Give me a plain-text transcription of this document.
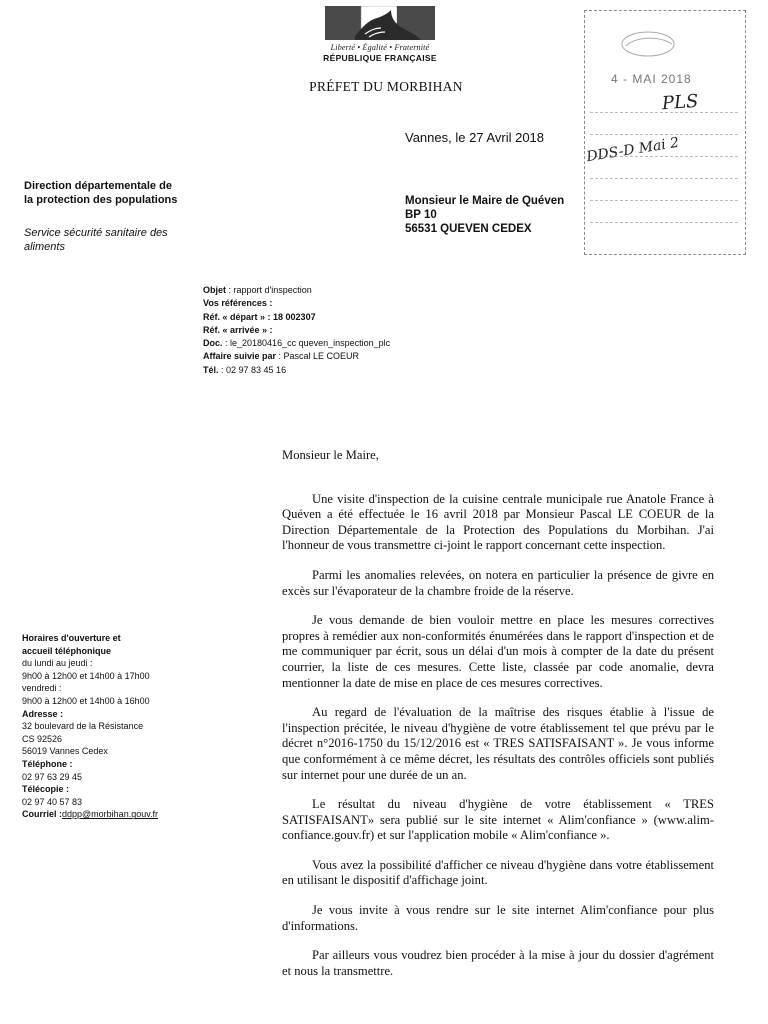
Liberté • Égalité • Fraternité
RÉPUBLIQUE FRANÇAISE
PRÉFET DU MORBIHAN	4 - MAI 2018
PLS
DDS-D Mai 2
Vannes, le 27 Avril 2018
Direction départementale de
la protection des populations
Service sécurité sanitaire des
aliments
Monsieur le Maire de Quéven
BP 10
56531 QUEVEN CEDEX
Objet : rapport d'inspection
Vos références :
Réf. « départ » : 18 002307
Réf. « arrivée » :
Doc. : le_20180416_cc queven_inspection_plc
Affaire suivie par : Pascal LE COEUR
Tél. : 02 97 83 45 16

Monsieur le Maire,

Une visite d'inspection de la cuisine centrale municipale rue Anatole France à Quéven a été effectuée le 16 avril 2018 par Monsieur Pascal LE COEUR de la Direction Départementale de la Protection des Populations du Morbihan. J'ai l'honneur de vous transmettre ci-joint le rapport concernant cette inspection.

Parmi les anomalies relevées, on notera en particulier la présence de givre en excès sur l'évaporateur de la chambre froide de la réserve.

Je vous demande de bien vouloir mettre en place les mesures correctives propres à remédier aux non-conformités énumérées dans le rapport d'inspection et de me communiquer par écrit, sous un délai d'un mois à compter de la date du présent courrier, la liste de ces mesures. Cette liste, classée par code anomalie, devra mentionner la date de mise en place de ces mesures correctives.

Au regard de l'évaluation de la maîtrise des risques établie à l'issue de l'inspection précitée, le niveau d'hygiène de votre établissement tel que prévu par le décret n°2016-1750 du 15/12/2016 est « TRES SATISFAISANT ». Je vous informe que conformément à ce même décret, les résultats des contrôles officiels sont publiés sur internet pour une durée de un an.

Le résultat du niveau d'hygiène de votre établissement « TRES SATISFAISANT» sera publié sur le site internet « Alim'confiance » (www.alim-confiance.gouv.fr) et sur l'application mobile « Alim'confiance ».

Vous avez la possibilité d'afficher ce niveau d'hygiène dans votre établissement en utilisant le dispositif d'affichage joint.

Je vous invite à vous rendre sur le site internet Alim'confiance pour plus d'informations.

Par ailleurs vous voudrez bien procéder à la mise à jour du dossier d'agrément et nous la transmettre.

Horaires d'ouverture et
accueil téléphonique
du lundi au jeudi :
9h00 à 12h00 et 14h00 à 17h00
vendredi :
9h00 à 12h00 et 14h00 à 16h00
Adresse :
32 boulevard de la Résistance
CS 92526
56019 Vannes Cedex
Téléphone :
02 97 63 29 45
Télécopie :
02 97 40 57 83
Courriel :ddpp@morbihan.gouv.fr
